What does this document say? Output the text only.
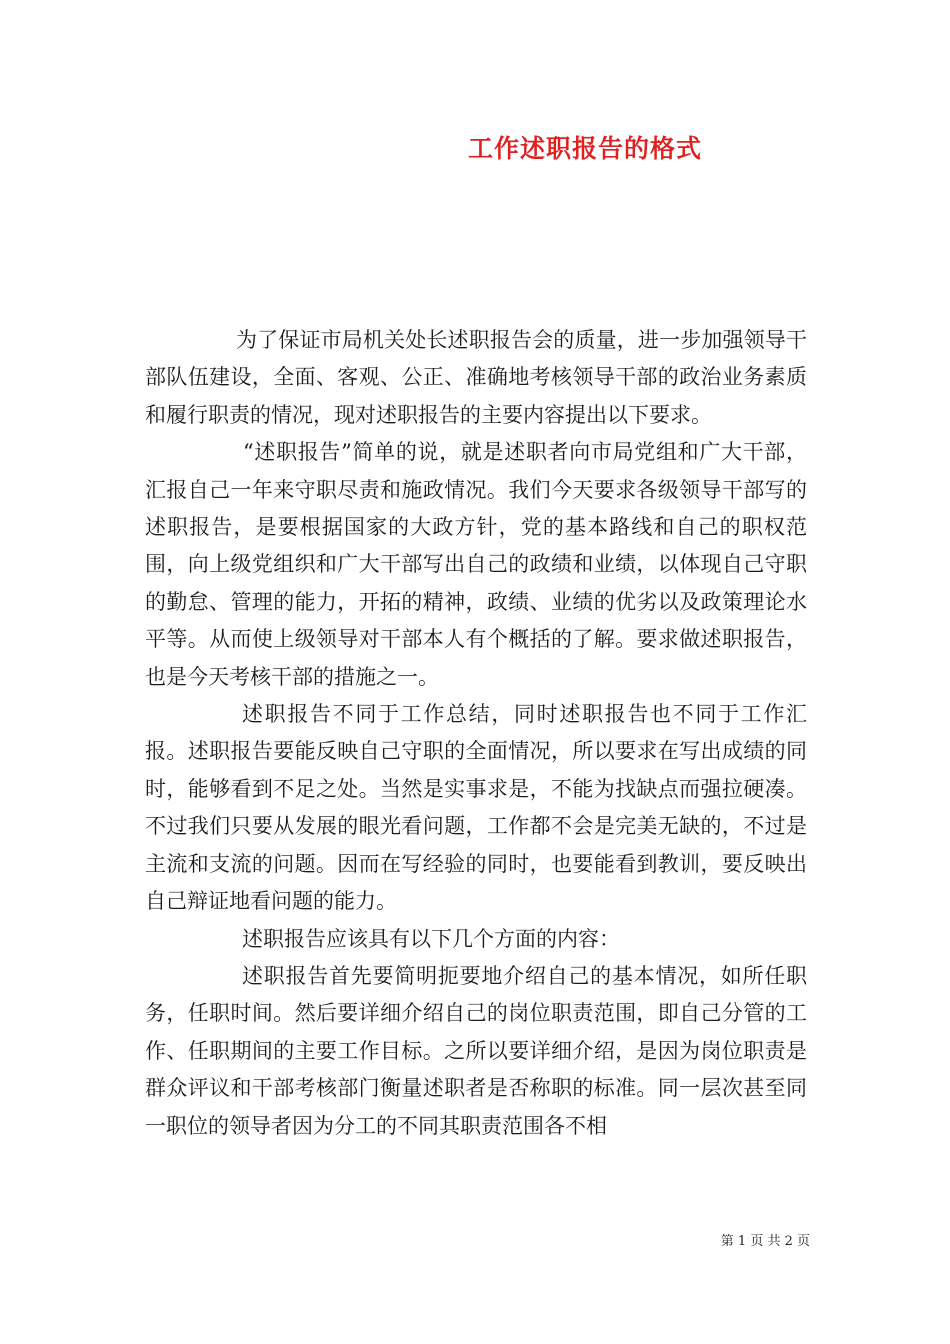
工作述职报告的格式

为了保证市局机关处长述职报告会的质量，进一步加强领导干部队伍建设，全面、客观、公正、准确地考核领导干部的政治业务素质和履行职责的情况，现对述职报告的主要内容提出以下要求。

“述职报告”简单的说，就是述职者向市局党组和广大干部，汇报自己一年来守职尽责和施政情况。我们今天要求各级领导干部写的述职报告，是要根据国家的大政方针，党的基本路线和自己的职权范围，向上级党组织和广大干部写出自己的政绩和业绩，以体现自己守职的勤怠、管理的能力，开拓的精神，政绩、业绩的优劣以及政策理论水平等。从而使上级领导对干部本人有个概括的了解。要求做述职报告，也是今天考核干部的措施之一。

述职报告不同于工作总结，同时述职报告也不同于工作汇报。述职报告要能反映自己守职的全面情况，所以要求在写出成绩的同时，能够看到不足之处。当然是实事求是，不能为找缺点而强拉硬凑。不过我们只要从发展的眼光看问题，工作都不会是完美无缺的，不过是主流和支流的问题。因而在写经验的同时，也要能看到教训，要反映出自己辩证地看问题的能力。

述职报告应该具有以下几个方面的内容：

述职报告首先要简明扼要地介绍自己的基本情况，如所任职务，任职时间。然后要详细介绍自己的岗位职责范围，即自己分管的工作、任职期间的主要工作目标。之所以要详细介绍，是因为岗位职责是群众评议和干部考核部门衡量述职者是否称职的标准。同一层次甚至同一职位的领导者因为分工的不同其职责范围各不相

第 1 页 共 2 页
